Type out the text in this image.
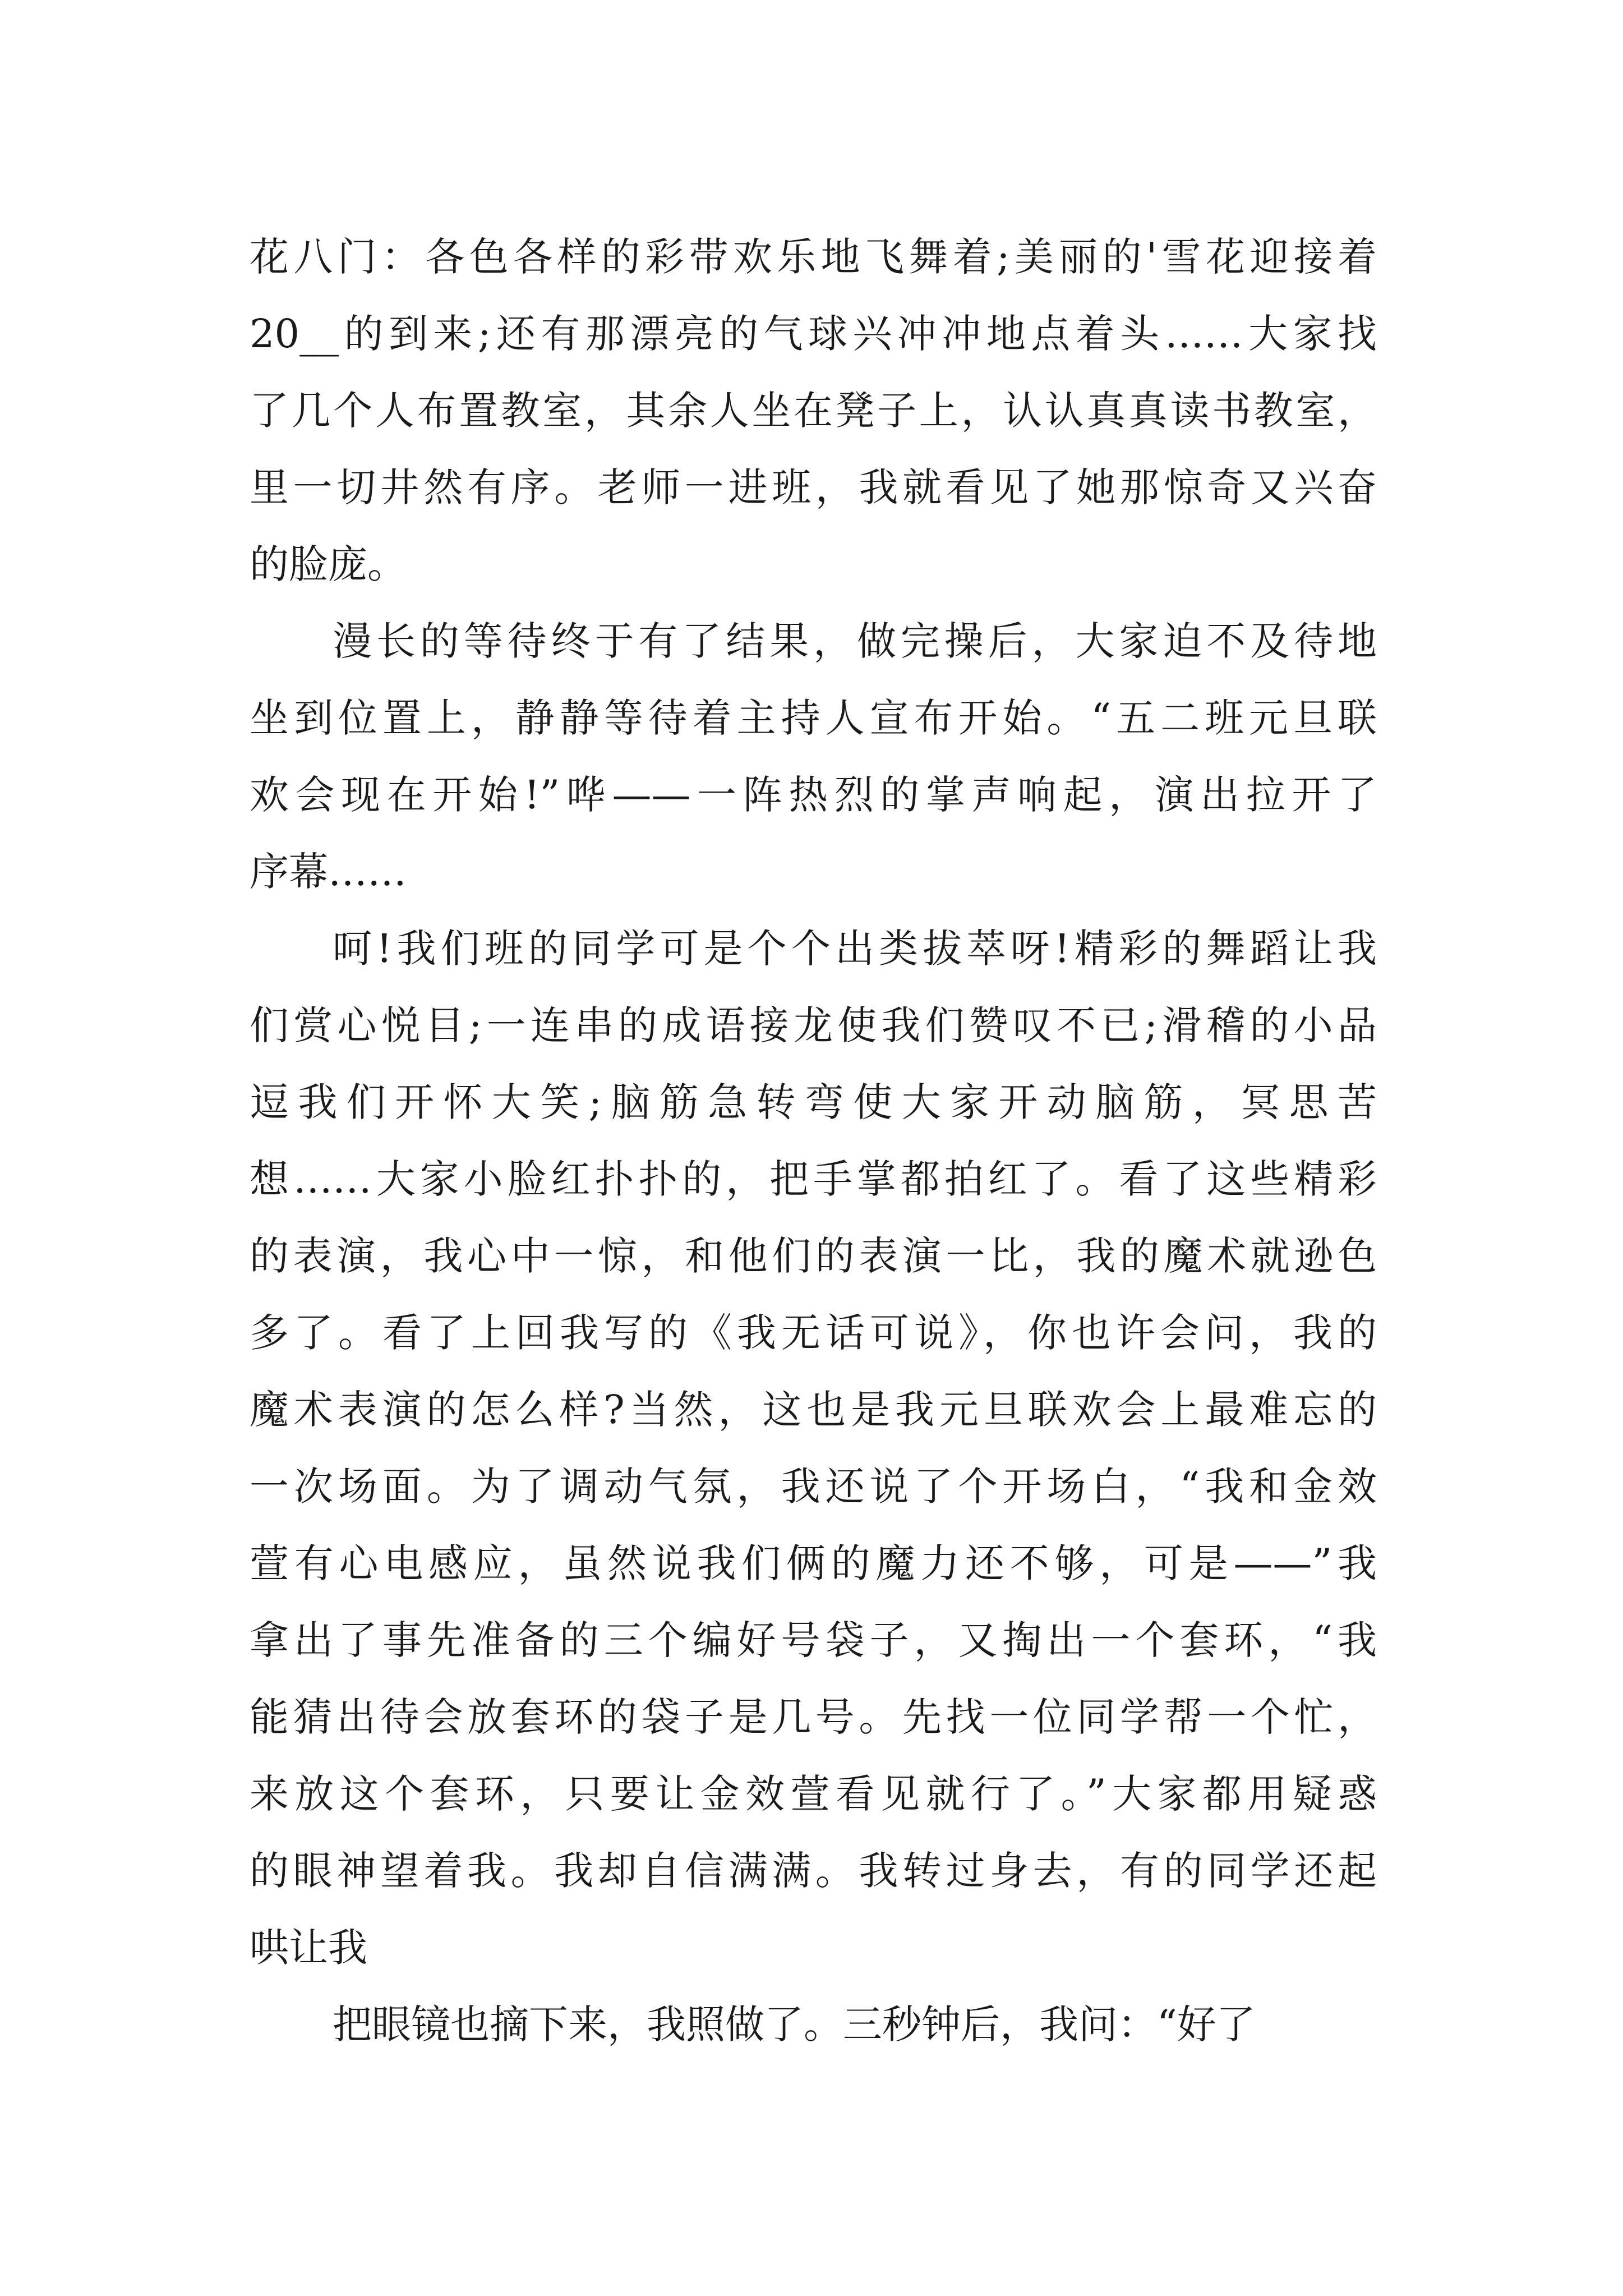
花八门：各色各样的彩带欢乐地飞舞着;美丽的'雪花迎接着
20__的到来;还有那漂亮的气球兴冲冲地点着头……大家找
了几个人布置教室，其余人坐在凳子上，认认真真读书教室，
里一切井然有序。老师一进班，我就看见了她那惊奇又兴奋
的脸庞。
漫长的等待终于有了结果，做完操后，大家迫不及待地
坐到位置上，静静等待着主持人宣布开始。“五二班元旦联
欢会现在开始!”哗——一阵热烈的掌声响起，演出拉开了
序幕……
呵!我们班的同学可是个个出类拔萃呀!精彩的舞蹈让我
们赏心悦目;一连串的成语接龙使我们赞叹不已;滑稽的小品
逗我们开怀大笑;脑筋急转弯使大家开动脑筋，冥思苦
想……大家小脸红扑扑的，把手掌都拍红了。看了这些精彩
的表演，我心中一惊，和他们的表演一比，我的魔术就逊色
多了。看了上回我写的《我无话可说》，你也许会问，我的
魔术表演的怎么样?当然，这也是我元旦联欢会上最难忘的
一次场面。为了调动气氛，我还说了个开场白，“我和金效
萱有心电感应，虽然说我们俩的魔力还不够，可是——”我
拿出了事先准备的三个编好号袋子，又掏出一个套环，“我
能猜出待会放套环的袋子是几号。先找一位同学帮一个忙，
来放这个套环，只要让金效萱看见就行了。”大家都用疑惑
的眼神望着我。我却自信满满。我转过身去，有的同学还起
哄让我
把眼镜也摘下来，我照做了。三秒钟后，我问：“好了
